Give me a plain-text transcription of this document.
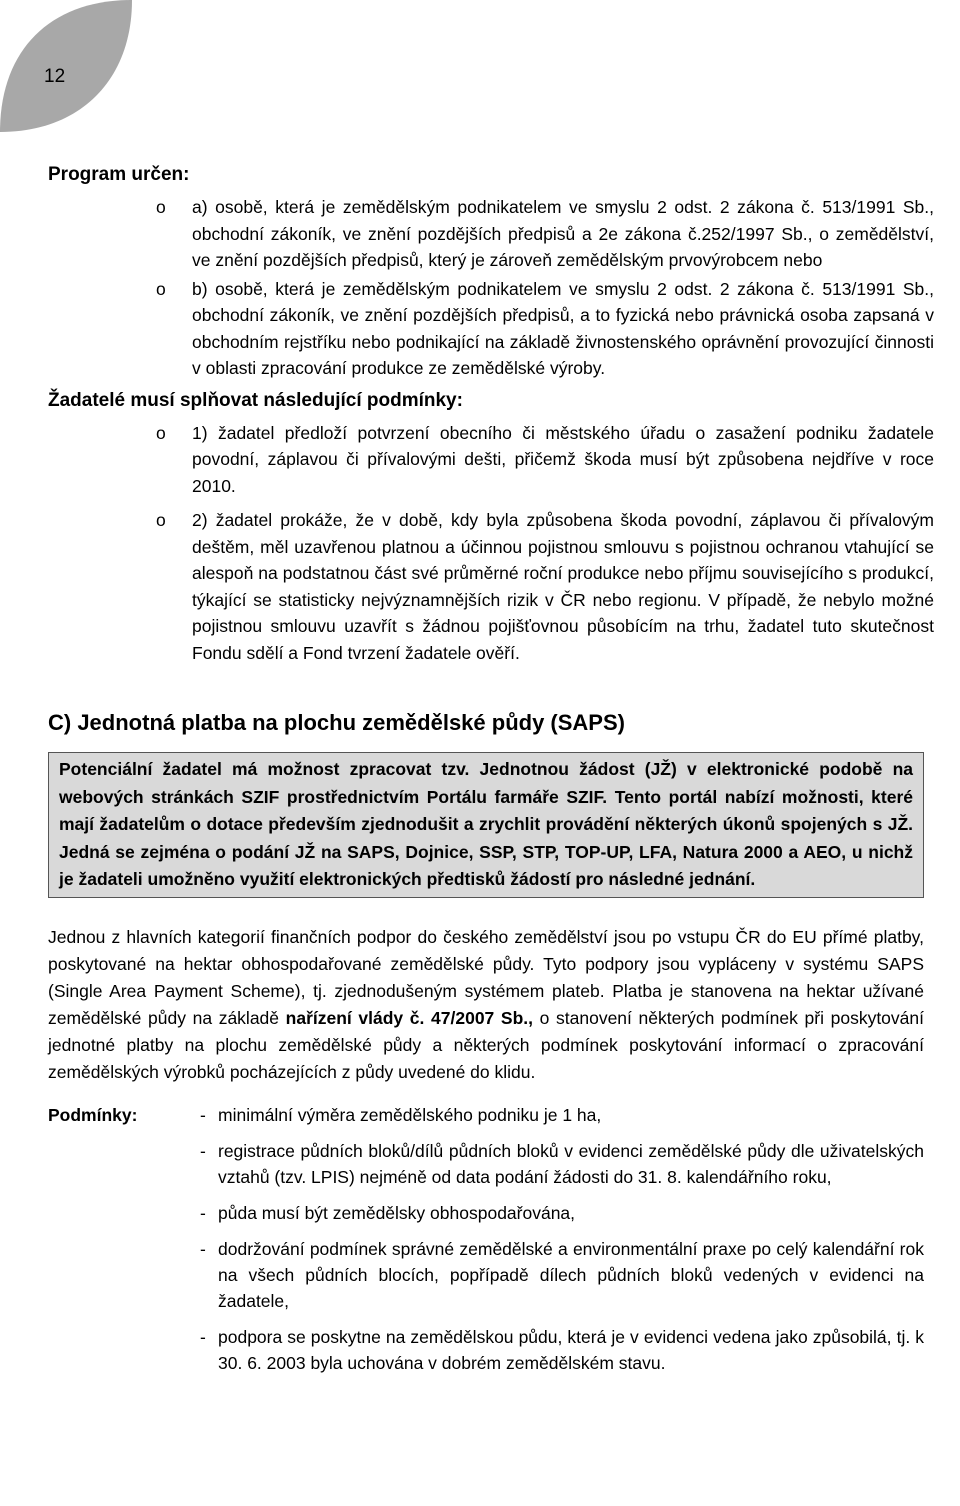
12

Program určen:

o a) osobě, která je zemědělským podnikatelem ve smyslu 2 odst. 2 zákona č. 513/1991 Sb., obchodní zákoník, ve znění pozdějších předpisů a 2e zákona č.252/1997 Sb., o zemědělství, ve znění pozdějších předpisů, který je zároveň zemědělským prvovýrobcem nebo
o b) osobě, která je zemědělským podnikatelem ve smyslu 2 odst. 2 zákona č. 513/1991 Sb., obchodní zákoník, ve znění pozdějších předpisů, a to fyzická nebo právnická osoba zapsaná v obchodním rejstříku nebo podnikající na základě živnostenského oprávnění provozující činnosti v oblasti zpracování produkce ze zemědělské výroby.

Žadatelé musí splňovat následující podmínky:

o 1) žadatel předloží potvrzení obecního či městského úřadu o zasažení podniku žadatele povodní, záplavou či přívalovými dešti, přičemž škoda musí být způsobena nejdříve v roce 2010.
o 2) žadatel prokáže, že v době, kdy byla způsobena škoda povodní, záplavou či přívalovým deštěm, měl uzavřenou platnou a účinnou pojistnou smlouvu s pojistnou ochranou vtahující se alespoň na podstatnou část své průměrné roční produkce nebo příjmu souvisejícího s produkcí, týkající se statisticky nejvýznamnějších rizik v ČR nebo regionu. V případě, že nebylo možné pojistnou smlouvu uzavřít s žádnou pojišťovnou působícím na trhu, žadatel tuto skutečnost Fondu sdělí a Fond tvrzení žadatele ověří.
C) Jednotná platba na plochu zemědělské půdy (SAPS)
Potenciální žadatel má možnost zpracovat tzv. Jednotnou žádost (JŽ) v elektronické podobě na webových stránkách SZIF prostřednictvím Portálu farmáře SZIF. Tento portál nabízí možnosti, které mají žadatelům o dotace především zjednodušit a zrychlit provádění některých úkonů spojených s JŽ. Jedná se zejména o podání JŽ na SAPS, Dojnice, SSP, STP, TOP-UP, LFA, Natura 2000 a AEO, u nichž je žadateli umožněno využití elektronických předtisků žádostí pro následné jednání.

Jednou z hlavních kategorií finančních podpor do českého zemědělství jsou po vstupu ČR do EU přímé platby, poskytované na hektar obhospodařované zemědělské půdy. Tyto podpory jsou vypláceny v systému SAPS (Single Area Payment Scheme), tj. zjednodušeným systémem plateb. Platba je stanovena na hektar užívané zemědělské půdy na základě nařízení vlády č. 47/2007 Sb., o stanovení některých podmínek při poskytování jednotné platby na plochu zemědělské půdy a některých podmínek poskytování informací o zpracování zemědělských výrobků pocházejících z půdy uvedené do klidu.

Podmínky:	- minimální výměra zemědělského podniku je 1 ha,
- registrace půdních bloků/dílů půdních bloků v evidenci zemědělské půdy dle uživatelských vztahů (tzv. LPIS) nejméně od data podání žádosti do 31. 8. kalendářního roku,
- půda musí být zemědělsky obhospodařována,
- dodržování podmínek správné zemědělské a environmentální praxe po celý kalendářní rok na všech půdních blocích, popřípadě dílech půdních bloků vedených v evidenci na žadatele,
- podpora se poskytne na zemědělskou půdu, která je v evidenci vedena jako způsobilá, tj. k 30. 6. 2003 byla uchována v dobrém zemědělském stavu.
